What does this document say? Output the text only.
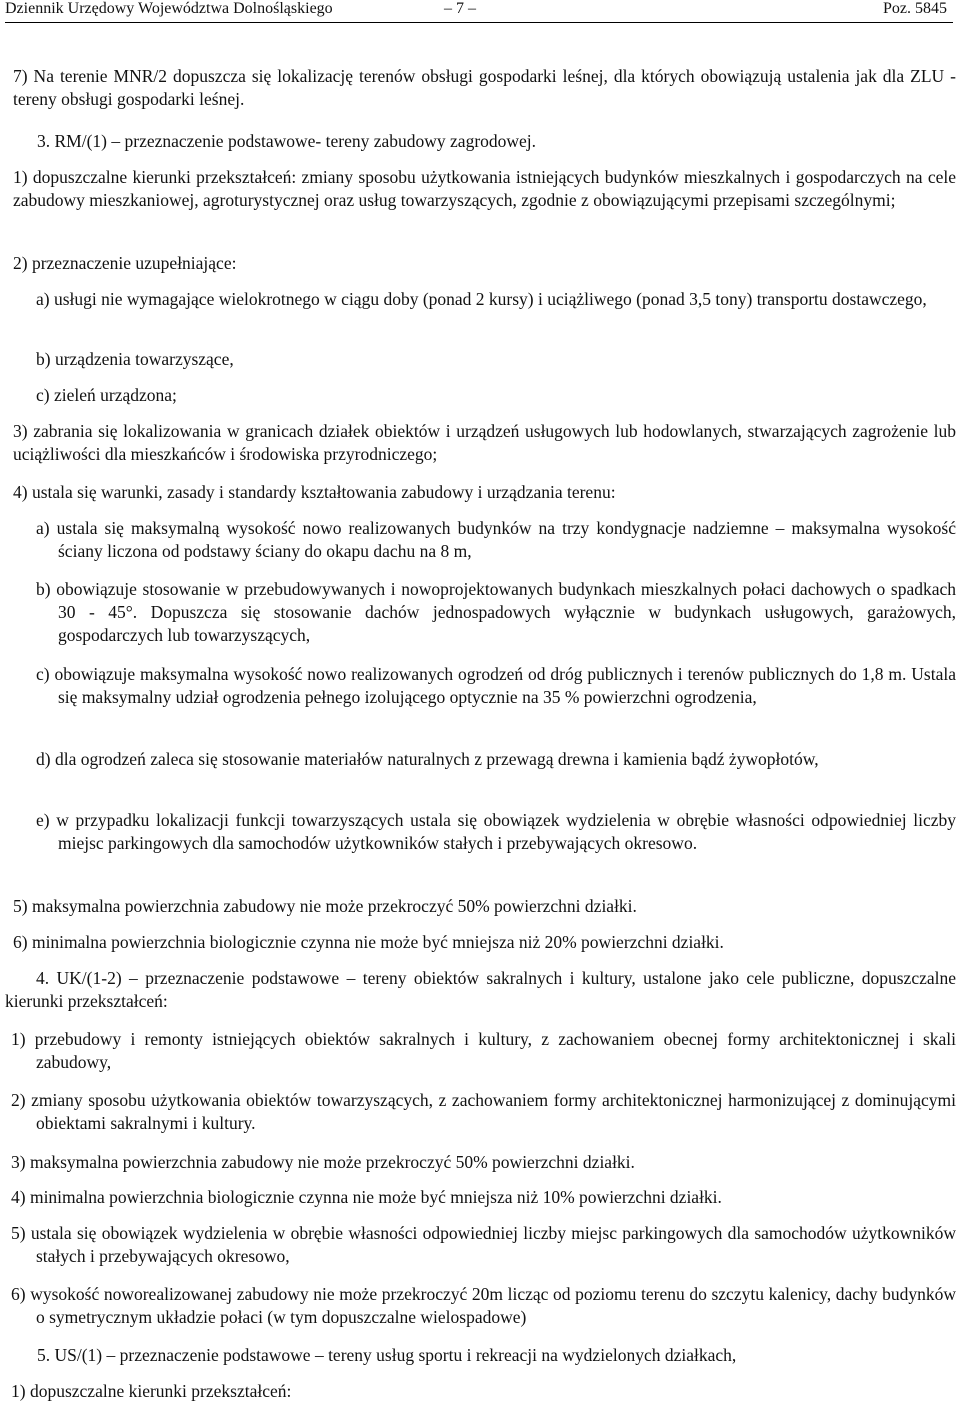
Dziennik Urzędowy Województwa Dolnośląskiego	– 7 –	Poz. 5845
7) Na terenie MNR/2 dopuszcza się lokalizację terenów obsługi gospodarki leśnej, dla których obowiązują ustalenia jak dla ZLU - tereny obsługi gospodarki leśnej.
3. RM/(1) – przeznaczenie podstawowe- tereny zabudowy zagrodowej.
1) dopuszczalne kierunki przekształceń: zmiany sposobu użytkowania istniejących budynków mieszkalnych i gospodarczych na cele zabudowy mieszkaniowej, agroturystycznej oraz usług towarzyszących, zgodnie z obowiązującymi przepisami szczególnymi;
2) przeznaczenie uzupełniające:
a) usługi nie wymagające wielokrotnego w ciągu doby (ponad 2 kursy) i uciążliwego (ponad 3,5 tony) transportu dostawczego,
b) urządzenia towarzyszące,
c) zieleń urządzona;
3) zabrania się lokalizowania w granicach działek obiektów i urządzeń usługowych lub hodowlanych, stwarzających zagrożenie lub uciążliwości dla mieszkańców i środowiska przyrodniczego;
4) ustala się warunki, zasady i standardy kształtowania zabudowy i urządzania terenu:
a) ustala się maksymalną wysokość nowo realizowanych budynków na trzy kondygnacje nadziemne – maksymalna wysokość ściany liczona od podstawy ściany do okapu dachu na 8 m,
b) obowiązuje stosowanie w przebudowywanych i nowoprojektowanych budynkach mieszkalnych połaci dachowych o spadkach 30 - 45°. Dopuszcza się stosowanie dachów jednospadowych wyłącznie w budynkach usługowych, garażowych, gospodarczych lub towarzyszących,
c) obowiązuje maksymalna wysokość nowo realizowanych ogrodzeń od dróg publicznych i terenów publicznych do 1,8 m. Ustala się maksymalny udział ogrodzenia pełnego izolującego optycznie na 35 % powierzchni ogrodzenia,
d) dla ogrodzeń zaleca się stosowanie materiałów naturalnych z przewagą drewna i kamienia bądź żywopłotów,
e) w przypadku lokalizacji funkcji towarzyszących ustala się obowiązek wydzielenia w obrębie własności odpowiedniej liczby miejsc parkingowych dla samochodów użytkowników stałych i przebywających okresowo.
5) maksymalna powierzchnia zabudowy nie może przekroczyć 50% powierzchni działki.
6) minimalna powierzchnia biologicznie czynna nie może być mniejsza niż 20% powierzchni działki.
4. UK/(1-2) – przeznaczenie podstawowe – tereny obiektów sakralnych i kultury, ustalone jako cele publiczne, dopuszczalne kierunki przekształceń:
1) przebudowy i remonty istniejących obiektów sakralnych i kultury, z zachowaniem obecnej formy architektonicznej i skali zabudowy,
2) zmiany sposobu użytkowania obiektów towarzyszących, z zachowaniem formy architektonicznej harmonizującej z dominującymi obiektami sakralnymi i kultury.
3) maksymalna powierzchnia zabudowy nie może przekroczyć 50% powierzchni działki.
4) minimalna powierzchnia biologicznie czynna nie może być mniejsza niż 10% powierzchni działki.
5) ustala się obowiązek wydzielenia w obrębie własności odpowiedniej liczby miejsc parkingowych dla samochodów użytkowników stałych i przebywających okresowo,
6) wysokość noworealizowanej zabudowy nie może przekroczyć 20m licząc od poziomu terenu do szczytu kalenicy, dachy budynków o symetrycznym układzie połaci (w tym dopuszczalne wielospadowe)
5. US/(1) – przeznaczenie podstawowe – tereny usług sportu i rekreacji na wydzielonych działkach,
1) dopuszczalne kierunki przekształceń:
